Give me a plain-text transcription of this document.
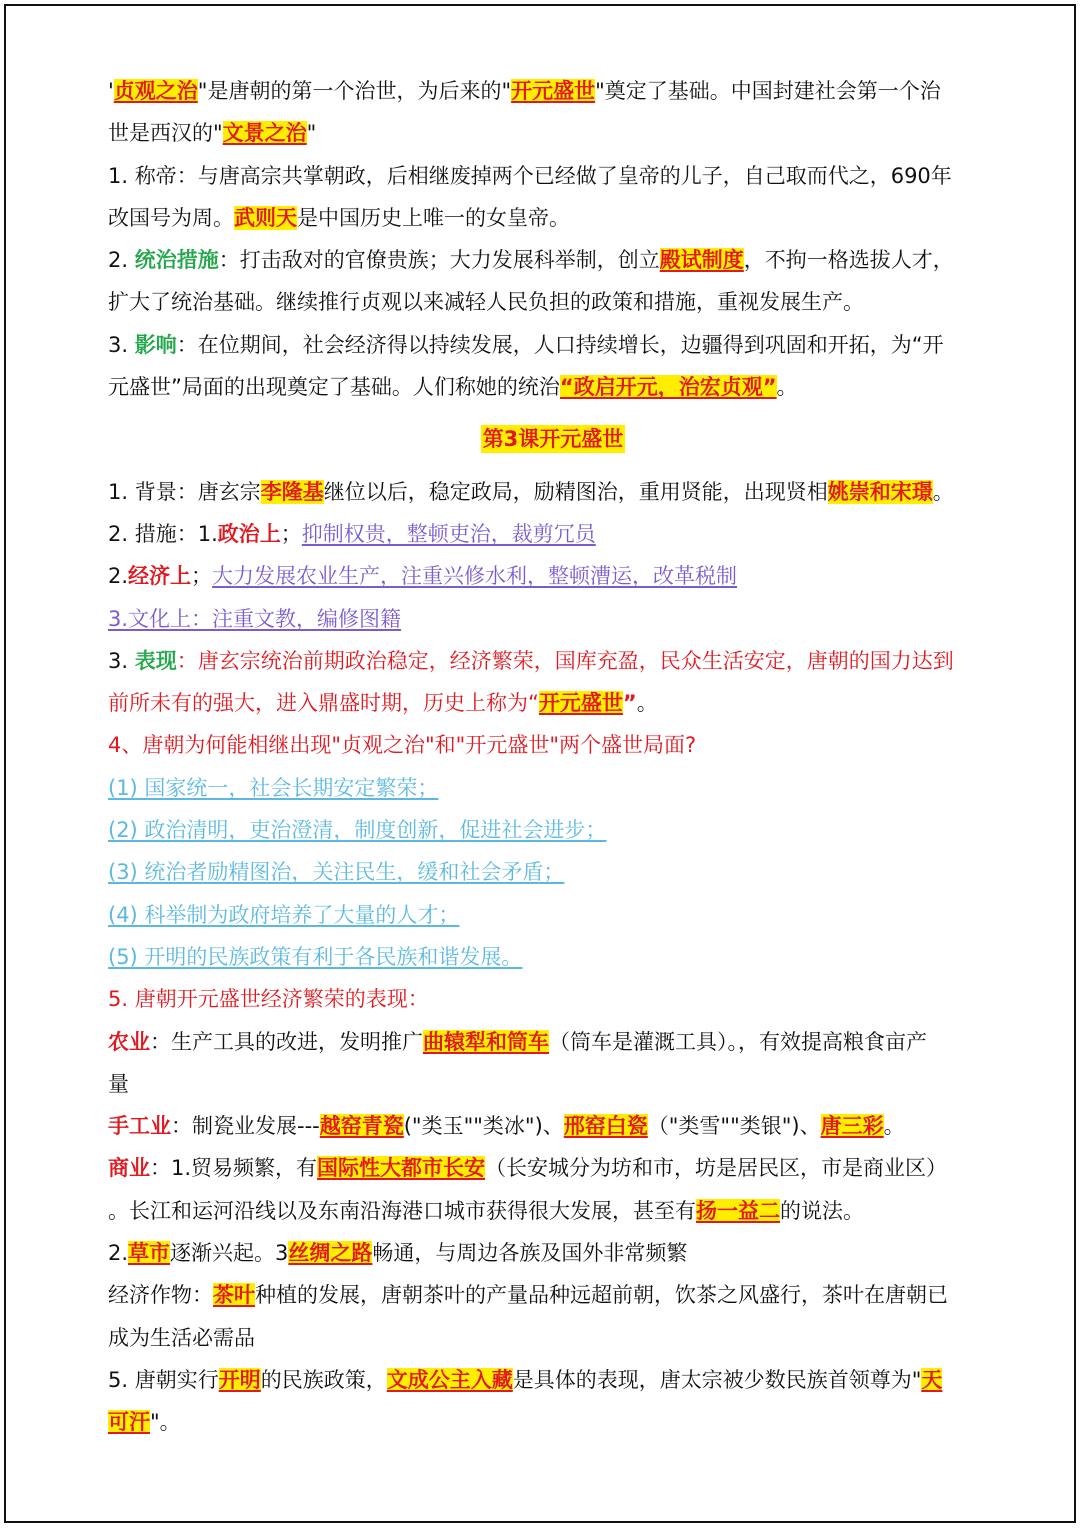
'贞观之治"是唐朝的第一个治世，为后来的"开元盛世"奠定了基础。中国封建社会第一个治
世是西汉的"文景之治"
1. 称帝：与唐高宗共掌朝政，后相继废掉两个已经做了皇帝的儿子，自己取而代之，690年
改国号为周。武则天是中国历史上唯一的女皇帝。
2. 统治措施：打击敌对的官僚贵族；大力发展科举制，创立殿试制度，不拘一格选拔人才，
扩大了统治基础。继续推行贞观以来减轻人民负担的政策和措施，重视发展生产。
3. 影响：在位期间，社会经济得以持续发展，人口持续增长，边疆得到巩固和开拓，为“开
元盛世”局面的出现奠定了基础。人们称她的统治“政启开元，治宏贞观”。
第3课开元盛世
1. 背景：唐玄宗李隆基继位以后，稳定政局，励精图治，重用贤能，出现贤相姚崇和宋璟。
2. 措施：1.政治上；抑制权贵，整顿吏治，裁剪冗员
2.经济上；大力发展农业生产，注重兴修水利，整顿漕运，改革税制
3.文化上：注重文教，编修图籍
3. 表现：唐玄宗统治前期政治稳定，经济繁荣，国库充盈，民众生活安定，唐朝的国力达到
前所未有的强大，进入鼎盛时期，历史上称为“开元盛世”。
4、唐朝为何能相继出现"贞观之治"和"开元盛世"两个盛世局面?
(1) 国家统一，社会长期安定繁荣；
(2) 政治清明，吏治澄清，制度创新，促进社会进步；
(3) 统治者励精图治，关注民生，缓和社会矛盾；
(4) 科举制为政府培养了大量的人才；
(5) 开明的民族政策有利于各民族和谐发展。
5. 唐朝开元盛世经济繁荣的表现：
农业：生产工具的改进，发明推广曲辕犁和筒车（筒车是灌溉工具）。，有效提高粮食亩产
量
手工业：制瓷业发展---越窑青瓷("类玉""类冰")、邢窑白瓷（"类雪""类银")、唐三彩。
商业：1.贸易频繁，有国际性大都市长安（长安城分为坊和市，坊是居民区，市是商业区）
。长江和运河沿线以及东南沿海港口城市获得很大发展，甚至有扬一益二的说法。
2.草市逐渐兴起。3丝绸之路畅通，与周边各族及国外非常频繁
经济作物：茶叶种植的发展，唐朝茶叶的产量品种远超前朝，饮茶之风盛行，茶叶在唐朝已
成为生活必需品
5. 唐朝实行开明的民族政策，文成公主入藏是具体的表现，唐太宗被少数民族首领尊为"天
可汗"。
